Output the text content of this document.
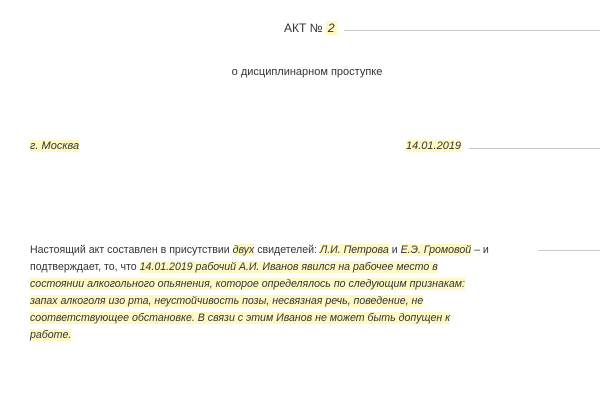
АКТ № 2
о дисциплинарном проступке
г. Москва	14.01.2019
Настоящий акт составлен в присутствии двух свидетелей: Л.И. Петрова и Е.Э. Громовой – и
подтверждает, то, что 14.01.2019 рабочий А.И. Иванов явился на рабочее место в
состоянии алкогольного опьянения, которое определялось по следующим признакам:
запах алкоголя изо рта, неустойчивость позы, несвязная речь, поведение, не
соответствующее обстановке. В связи с этим Иванов не может быть допущен к
работе.
